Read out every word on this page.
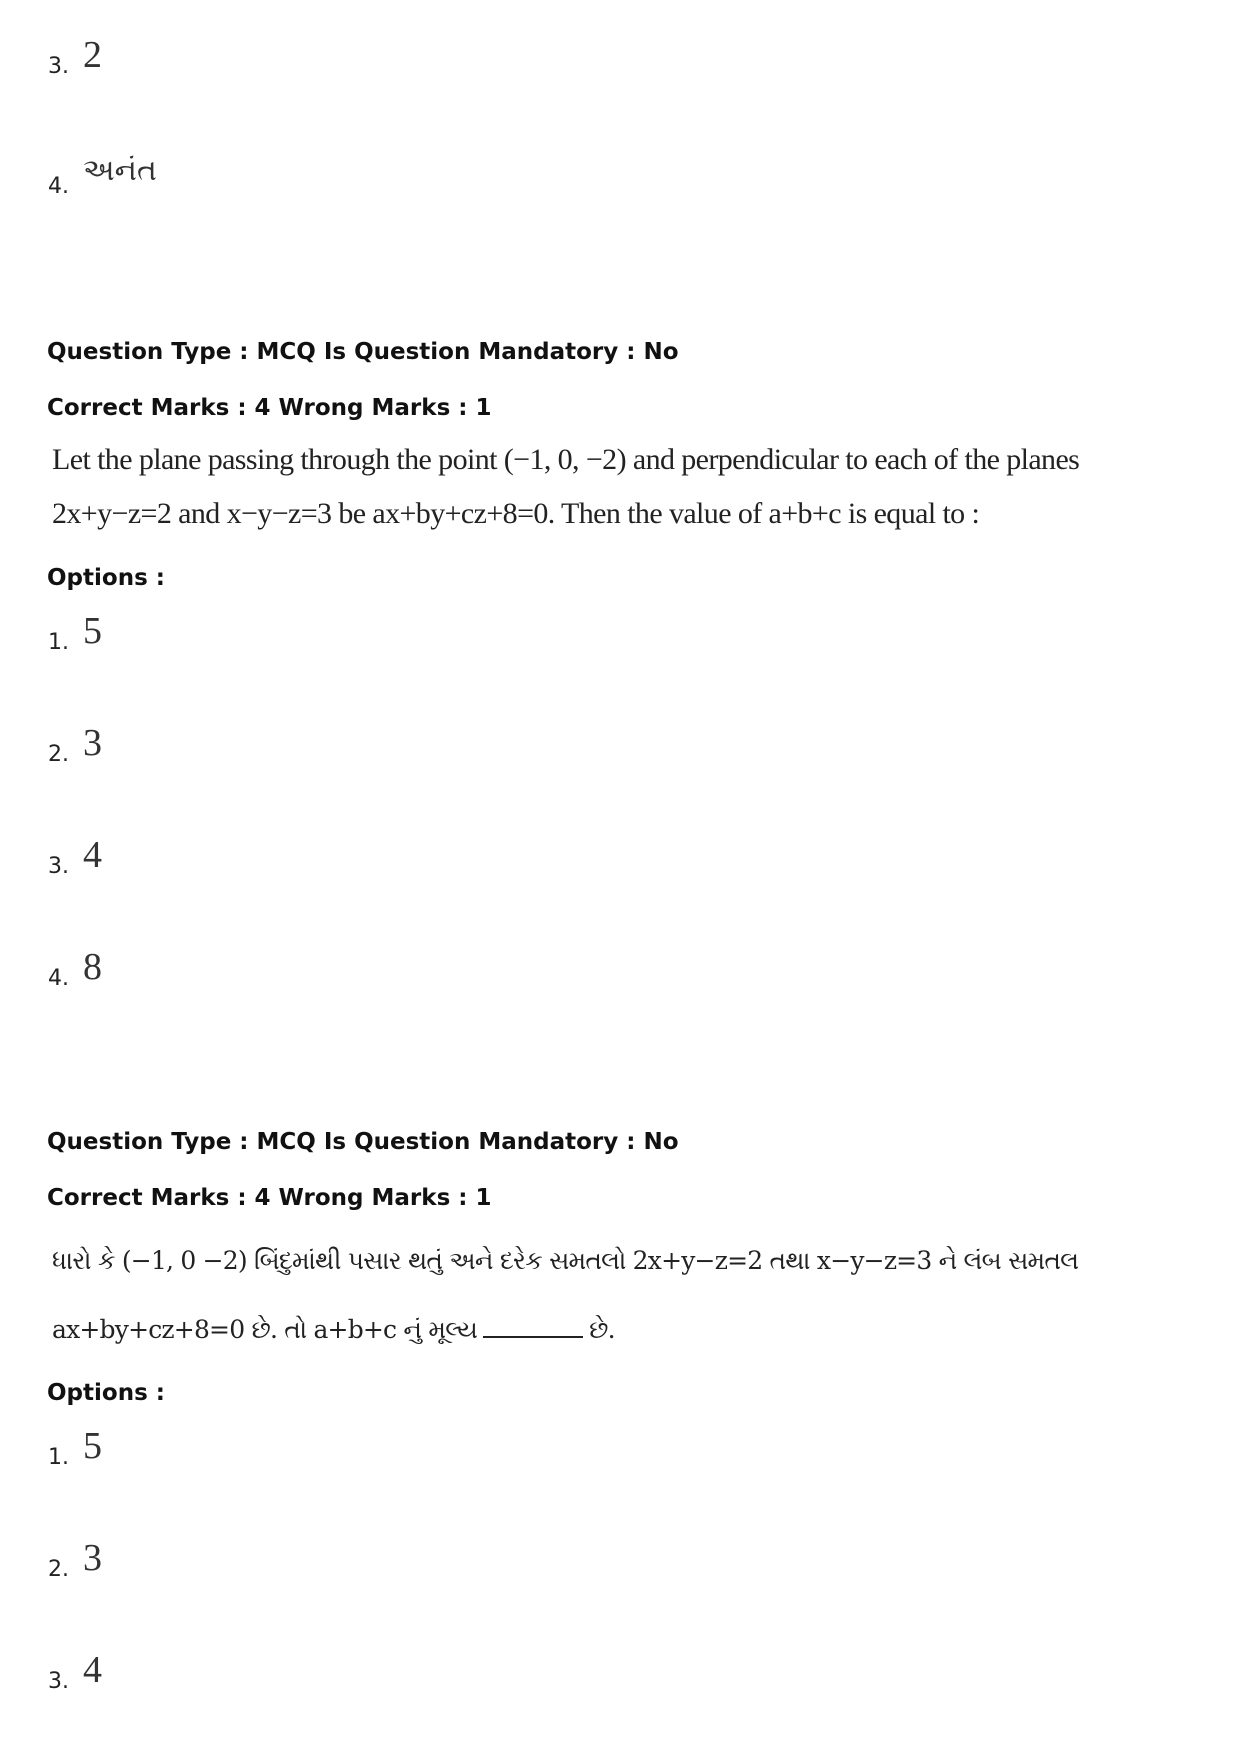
3. 2
4. અનંત
Question Type : MCQ Is Question Mandatory : No
Correct Marks : 4 Wrong Marks : 1
Let the plane passing through the point (−1, 0, −2) and perpendicular to each of the planes
2x+y−z=2 and x−y−z=3 be ax+by+cz+8=0. Then the value of a+b+c is equal to :
Options :
1. 5
2. 3
3. 4
4. 8
Question Type : MCQ Is Question Mandatory : No
Correct Marks : 4 Wrong Marks : 1
ધારો કે (−1, 0 −2) બિંદુમાંથી પસાર થતું અને દરેક સમતલો 2x+y−z=2 તથા x−y−z=3 ને લંબ સમતલ
ax+by+cz+8=0 છે. તો a+b+c નું મૂલ્ય	છે.
Options :
1. 5
2. 3
3. 4
